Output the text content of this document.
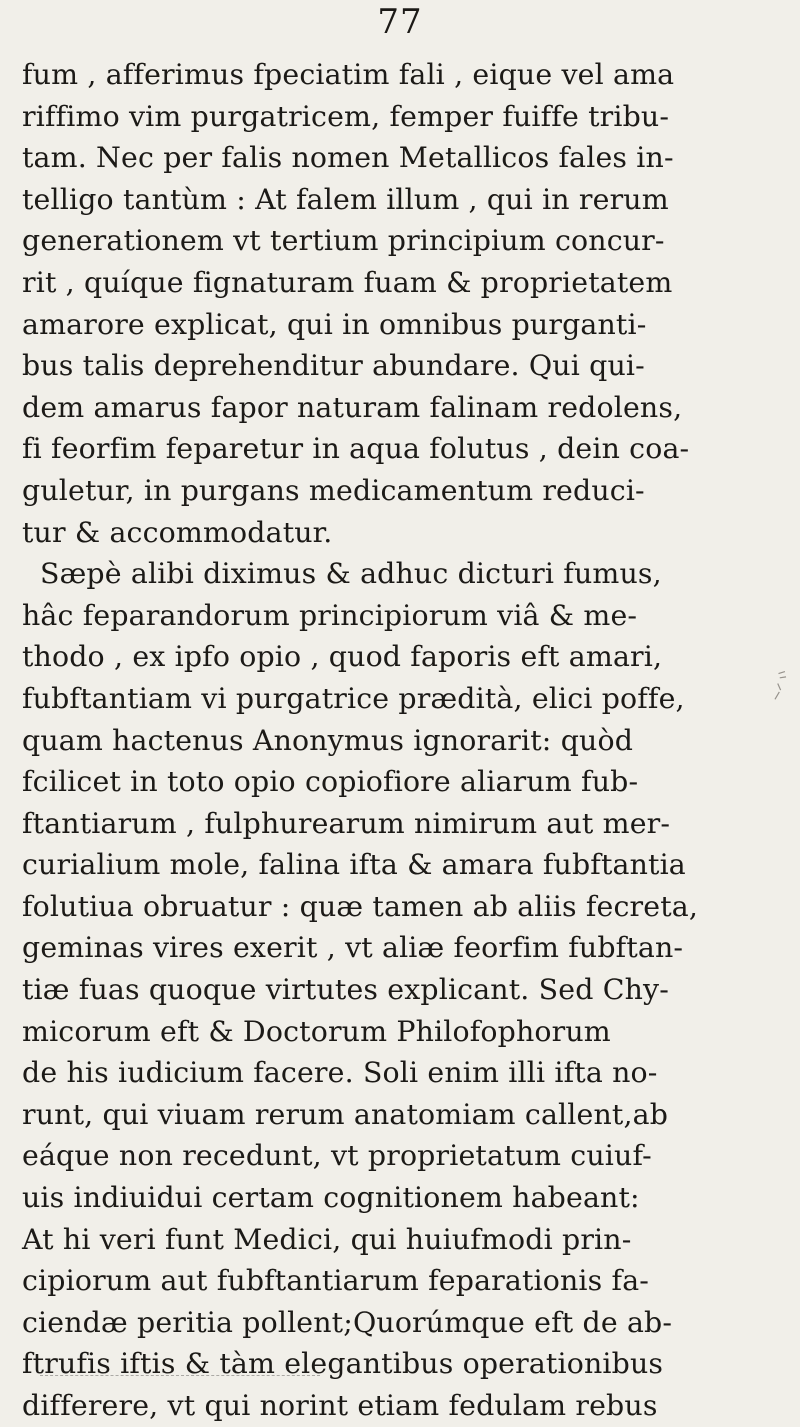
77
fum , afferimus fpeciatim fali , eique vel ama
riffimo vim purgatricem, femper fuiffe tribu-
tam. Nec per falis nomen Metallicos fales in-
telligo tantùm : At falem illum , qui in rerum
generationem vt tertium principium concur-
rit , quíque fignaturam fuam & proprietatem
amarore explicat, qui in omnibus purganti-
bus talis deprehenditur abundare. Qui qui-
dem amarus fapor naturam falinam redolens,
fi feorfim feparetur in aqua folutus , dein coa-
guletur, in purgans medicamentum reduci-
tur & accommodatur.
Sæpè alibi diximus & adhuc dicturi fumus,
hâc feparandorum principiorum viâ & me-
thodo , ex ipfo opio , quod faporis eft amari,
fubftantiam vi purgatrice prædità, elici poffe,
quam hactenus Anonymus ignorarit: quòd
fcilicet in toto opio copiofiore aliarum fub-
ftantiarum , fulphurearum nimirum aut mer-
curialium mole, falina ifta & amara fubftantia
folutiua obruatur : quæ tamen ab aliis fecreta,
geminas vires exerit , vt aliæ feorfim fubftan-
tiæ fuas quoque virtutes explicant. Sed Chy-
micorum eft & Doctorum Philofophorum
de his iudicium facere. Soli enim illi ifta no-
runt, qui viuam rerum anatomiam callent,ab
eáque non recedunt, vt proprietatum cuiuf-
uis indiuidui certam cognitionem habeant:
At hi veri funt Medici, qui huiufmodi prin-
cipiorum aut fubftantiarum feparationis fa-
ciendæ peritia pollent;Quorúmque eft de ab-
ftrufis iftis & tàm elegantibus operationibus
differere, vt qui norint etiam fedulam rebus
